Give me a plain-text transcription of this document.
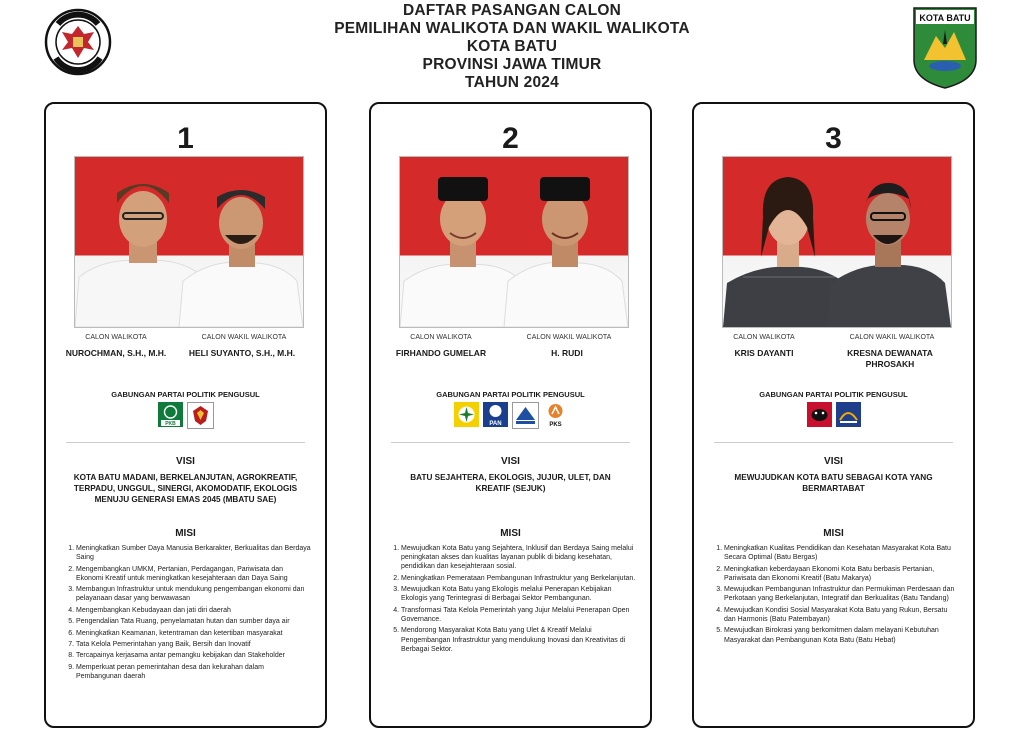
DAFTAR PASANGAN CALON
PEMILIHAN WALIKOTA DAN WAKIL WALIKOTA
KOTA BATU
PROVINSI JAWA TIMUR
TAHUN 2024
KOTA BATU
1
CALON WALIKOTA	CALON WAKIL WALIKOTA
NUROCHMAN, S.H., M.H.	HELI SUYANTO, S.H., M.H.
GABUNGAN PARTAI POLITIK PENGUSUL
PKB
VISI
KOTA BATU MADANI, BERKELANJUTAN, AGROKREATIF, TERPADU, UNGGUL, SINERGI, AKOMODATIF, EKOLOGIS MENUJU GENERASI EMAS 2045 (MBATU SAE)
MISI
1. Meningkatkan Sumber Daya Manusia Berkarakter, Berkualitas dan Berdaya Saing
2. Mengembangkan UMKM, Pertanian, Perdagangan, Pariwisata dan Ekonomi Kreatif untuk meningkatkan kesejahteraan dan Daya Saing
3. Membangun Infrastruktur untuk mendukung pengembangan ekonomi dan pelayanaan dasar yang berwawasan
4. Mengembangkan Kebudayaan dan jati diri daerah
5. Pengendalian Tata Ruang, penyelamatan hutan dan sumber daya air
6. Meningkatkan Keamanan, ketentraman dan ketertiban masyarakat
7. Tata Kelola Pemerintahan yang Baik, Bersih dan Inovatif
8. Tercapainya kerjasama antar pemangku kebijakan dan Stakeholder
9. Memperkuat peran pemerintahan desa dan kelurahan dalam Pembangunan daerah
2
CALON WALIKOTA	CALON WAKIL WALIKOTA
FIRHANDO GUMELAR	H. RUDI
GABUNGAN PARTAI POLITIK PENGUSUL
PAN	PKS
VISI
BATU SEJAHTERA, EKOLOGIS, JUJUR, ULET, DAN KREATIF (SEJUK)
MISI
1. Mewujudkan Kota Batu yang Sejahtera, Inklusif dan Berdaya Saing melalui peningkatan akses dan kualitas layanan publik di bidang kesehatan, pendidikan dan kesejahteraan sosial.
2. Meningkatkan Pemerataan Pembangunan Infrastruktur yang Berkelanjutan.
3. Mewujudkan Kota Batu yang Ekologis melalui Penerapan Kebijakan Ekologis yang Terintegrasi di Berbagai Sektor Pembangunan.
4. Transformasi Tata Kelola Pemerintah yang Jujur Melalui Penerapan Open Governance.
5. Mendorong Masyarakat Kota Batu yang Ulet & Kreatif Melalui Pengembangan Infrastruktur yang mendukung Inovasi dan Kreativitas di Berbagai Sektor.
3
CALON WALIKOTA	CALON WAKIL WALIKOTA
KRIS DAYANTI	KRESNA DEWANATA PHROSAKH
GABUNGAN PARTAI POLITIK PENGUSUL
VISI
MEWUJUDKAN KOTA BATU SEBAGAI KOTA YANG BERMARTABAT
MISI
1. Meningkatkan Kualitas Pendidikan dan Kesehatan Masyarakat Kota Batu Secara Optimal (Batu Bergas)
2. Meningkatkan keberdayaan Ekonomi Kota Batu berbasis Pertanian, Pariwisata dan Ekonomi Kreatif (Batu Makarya)
3. Mewujudkan Pembangunan Infrastruktur dan Permukiman Perdesaan dan Perkotaan yang Berkelanjutan, Integratif dan Berkualitas (Batu Tandang)
4. Mewujudkan Kondisi Sosial Masyarakat Kota Batu yang Rukun, Bersatu dan Harmonis (Batu Patembayan)
5. Mewujudkan Birokrasi yang berkomitmen dalam melayani Kebutuhan Masyarakat dan Pembangunan Kota Batu (Batu Hebat)
